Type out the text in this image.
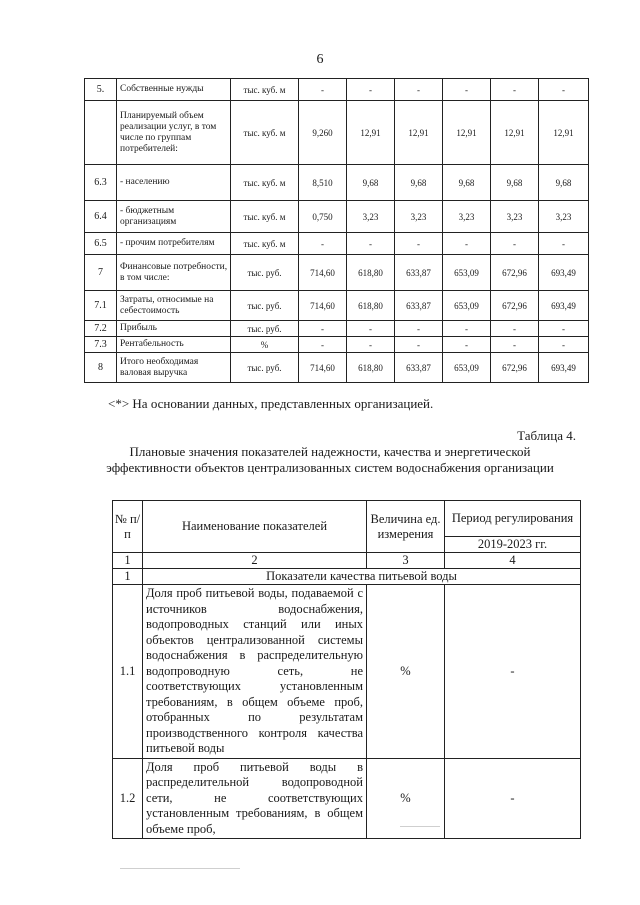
6
5.	Собственные нужды	тыс. куб. м	-	-	-	-	-	-
	Планируемый объем реализации услуг, в том числе по группам потребителей:	тыс. куб. м	9,260	12,91	12,91	12,91	12,91	12,91
6.3	- населению	тыс. куб. м	8,510	9,68	9,68	9,68	9,68	9,68
6.4	- бюджетным организациям	тыс. куб. м	0,750	3,23	3,23	3,23	3,23	3,23
6.5	- прочим потребителям	тыс. куб. м	-	-	-	-	-	-
7	Финансовые потребности, в том числе:	тыс. руб.	714,60	618,80	633,87	653,09	672,96	693,49
7.1	Затраты, относимые на себестоимость	тыс. руб.	714,60	618,80	633,87	653,09	672,96	693,49
7.2	Прибыль	тыс. руб.	-	-	-	-	-	-
7.3	Рентабельность	%	-	-	-	-	-	-
8	Итого необходимая валовая выручка	тыс. руб.	714,60	618,80	633,87	653,09	672,96	693,49
<*> На основании данных, представленных организацией.
Таблица 4.
Плановые значения показателей надежности, качества и энергетической эффективности объектов централизованных систем водоснабжения организации
№ п/п	Наименование показателей	Величина ед. измерения	Период регулирования
			2019-2023 гг.
1	2	3	4
1	Показатели качества питьевой воды		
1.1	Доля проб питьевой воды, подаваемой с источников водоснабжения, водопроводных станций или иных объектов централизованной системы водоснабжения в распределительную водопроводную сеть, не соответствующих установленным требованиям, в общем объеме проб, отобранных по результатам производственного контроля качества питьевой воды	%	-
1.2	Доля проб питьевой воды в распределительной водопроводной сети, не соответствующих установленным требованиям, в общем объеме проб,	%	-
